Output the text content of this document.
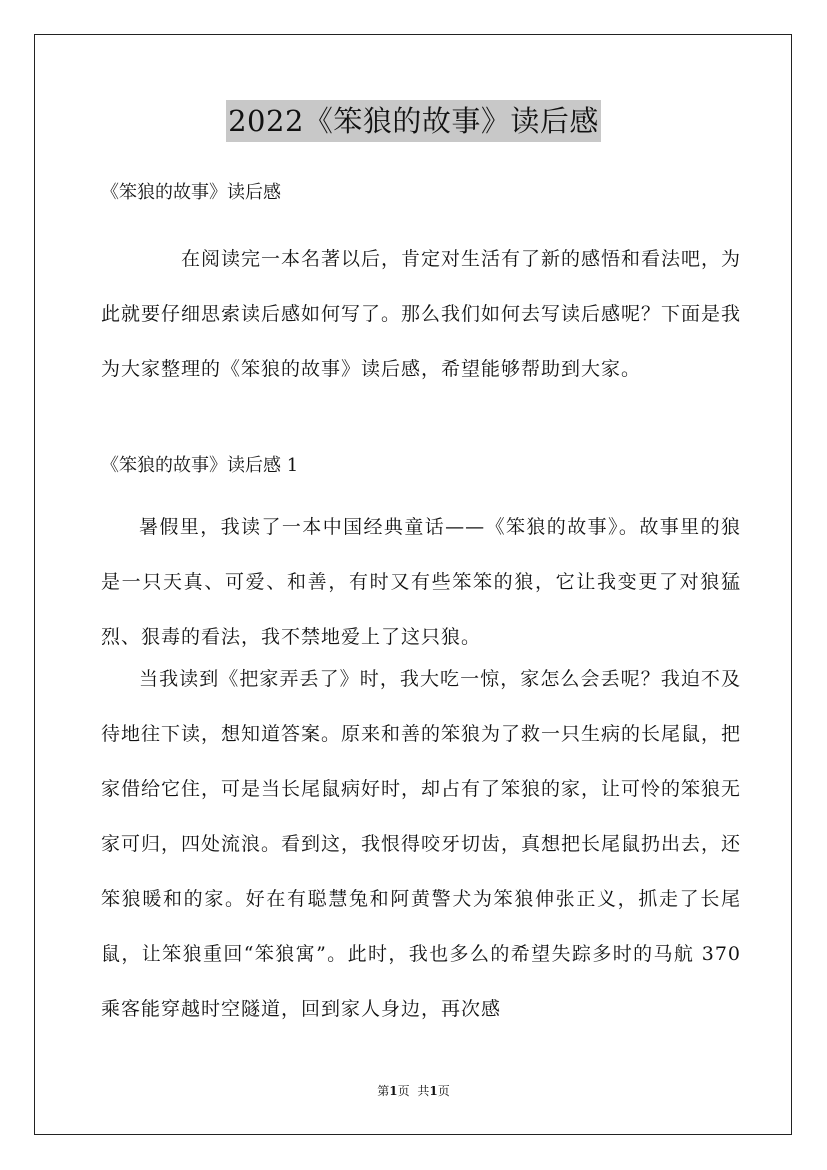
2022《笨狼的故事》读后感
《笨狼的故事》读后感

在阅读完一本名著以后，肯定对生活有了新的感悟和看法吧，为此就要仔细思索读后感如何写了。那么我们如何去写读后感呢？下面是我为大家整理的《笨狼的故事》读后感，希望能够帮助到大家。

《笨狼的故事》读后感 1

暑假里，我读了一本中国经典童话——《笨狼的故事》。故事里的狼是一只天真、可爱、和善，有时又有些笨笨的狼，它让我变更了对狼猛烈、狠毒的看法，我不禁地爱上了这只狼。

当我读到《把家弄丢了》时，我大吃一惊，家怎么会丢呢？我迫不及待地往下读，想知道答案。原来和善的笨狼为了救一只生病的长尾鼠，把家借给它住，可是当长尾鼠病好时，却占有了笨狼的家，让可怜的笨狼无家可归，四处流浪。看到这，我恨得咬牙切齿，真想把长尾鼠扔出去，还笨狼暖和的家。好在有聪慧兔和阿黄警犬为笨狼伸张正义，抓走了长尾鼠，让笨狼重回“笨狼寓”。此时，我也多么的希望失踪多时的马航 370 乘客能穿越时空隧道，回到家人身边，再次感

第1页 共1页
